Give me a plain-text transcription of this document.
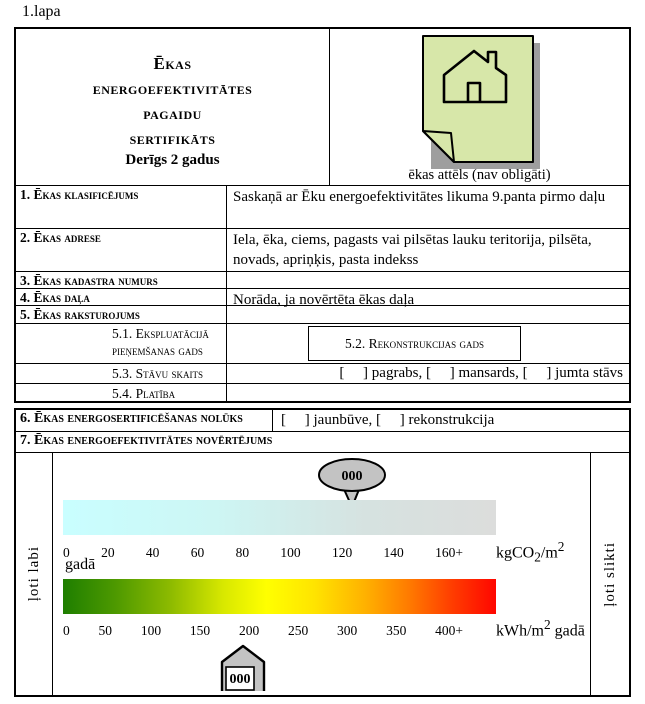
1.lapa
Ēkas
energoefektivitātes
pagaidu
sertifikāts
Derīgs 2 gadus
ēkas attēls (nav obligāti)
1. Ēkas klasificējums	Saskaņā ar Ēku energoefektivitātes likuma 9.panta pirmo daļu
2. Ēkas adrese	Iela, ēka, ciems, pagasts vai pilsētas lauku teritorija, pilsēta, novads, apriņķis, pasta indekss
3. Ēkas kadastra numurs
4. Ēkas daļa	Norāda, ja novērtēta ēkas daļa
5. Ēkas raksturojums
5.1. Ekspluatācijā pieņemšanas gads	5.2. Rekonstrukcijas gads
5.3. Stāvu skaits	[     ] pagrabs, [     ] mansards, [     ] jumta stāvs
5.4. Platība
6. Ēkas energosertificēšanas nolūks	[     ] jaunbūve, [     ] rekonstrukcija
7. Ēkas energoefektivitātes novērtējums
ļoti labi
000
0 20 40 60 80 100 120 140 $160+ kgCO_2/m^2$
gadā
0 50 100 150 200 250 300 350 400+ kWh/$m^2$ gadā
000
ļoti slikti
